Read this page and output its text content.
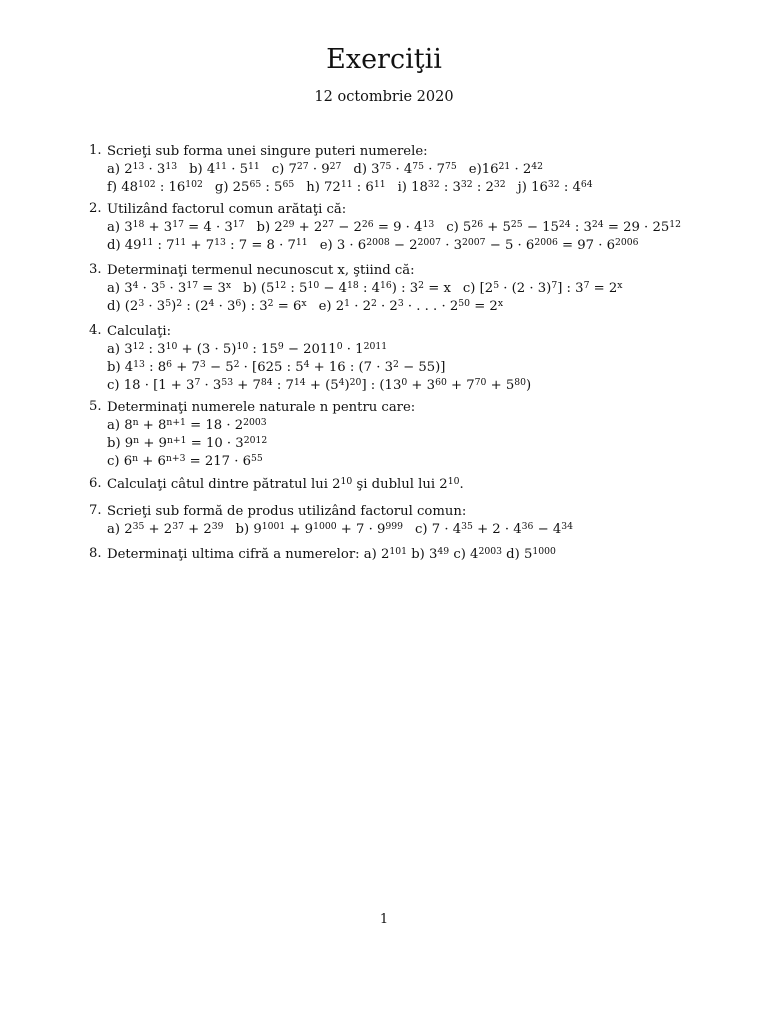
Exerciţii
12 octombrie 2020
1. Scrieţi sub forma unei singure puteri numerele:
a) $2^{13} \cdot 3^{13}$ b) $4^{11} \cdot 5^{11}$ c) $7^{27} \cdot 9^{27}$ d) $3^{75} \cdot 4^{75} \cdot 7^{75}$ $e)16^{21} \cdot 2^{42}$
f) $48^{102}$ : $16^{102}$ g) $25^{65}$ : $5^{65}$ h) $72^{11}$ : $6^{11}$ i) $18^{32}$ : $3^{32}$ : $2^{32}$ j) $16^{32}$ : $4^{64}$
2. Utilizând factorul comun arătaţi că:
a) $3^{18} + 3^{17} = 4 \cdot 3^{17}$ b) $2^{29} + 2^{27} - 2^{26} = 9 \cdot 4^{13}$ c) $5^{26} + 5^{25} - 15^{24}$ : $3^{24} = 29 \cdot 25^{12}$
d) $49^{11}$ : $7^{11} + 7^{13}$ : $7 = 8 \cdot 7^{11}$ e) $3 \cdot 6^{2008} - 2^{2007} \cdot 3^{2007} - 5 \cdot 6^{2006} = 97 \cdot 6^{2006}$
3. Determinaţi termenul necunoscut x, ştiind că:
a) $3^4 \cdot 3^5 \cdot 3^{17} = 3^x$ b) ($5^{12}$ : $5^{10} - 4^{18}$ : $4^{16}$) : $3^2 = x$ c) $[2^5 \cdot (2 \cdot 3)^7]$ : $3^7 = 2^x$
d) $(2^3 \cdot 3^5)^2$ : $(2^4 \cdot 3^6)$ : $3^2 = 6^x$ e) $2^1 \cdot 2^2 \cdot 2^3$ · . . . · $2^{50} = 2^x$
4. Calculaţi:
a) $3^{12}$ : $3^{10} + (3 \cdot 5)^{10}$ : $15^9 - 2011^0 \cdot 1^{2011}$
b) $4^{13}$ : $8^6 + 7^3 - 5^2 \cdot [625$ : $5^4 + 16$ : $(7 \cdot 3^2 - 55)$]
c) $18 \cdot [1 + 3^7 \cdot 3^{53} + 7^{84}$ : $7^{14} + (5^4)^{20}$] : $(13^0 + 3^{60} + 7^{70} + 5^{80})$
5. Determinaţi numerele naturale n pentru care:
a) $8^n + 8^{n+1} = 18 \cdot 2^{2003}$
b) $9^n + 9^{n+1} = 10 \cdot 3^{2012}$
c) $6^n + 6^{n+3} = 217 \cdot 6^{55}$
6. Calculaţi câtul dintre pătratul lui $2^{10}$ şi dublul lui $2^{10}$.
7. Scrieţi sub formă de produs utilizând factorul comun:
a) $2^{35} + 2^{37} + 2^{39}$ b) $9^{1001} + 9^{1000} + 7 \cdot 9^{999}$ c) $7 \cdot 4^{35} + 2 \cdot 4^{36} - 4^{34}$
8. Determinaţi ultima cifră a numerelor: a) $2^{101}$ b) $3^{49}$ c) $4^{2003}$ d) $5^{1000}$
1
